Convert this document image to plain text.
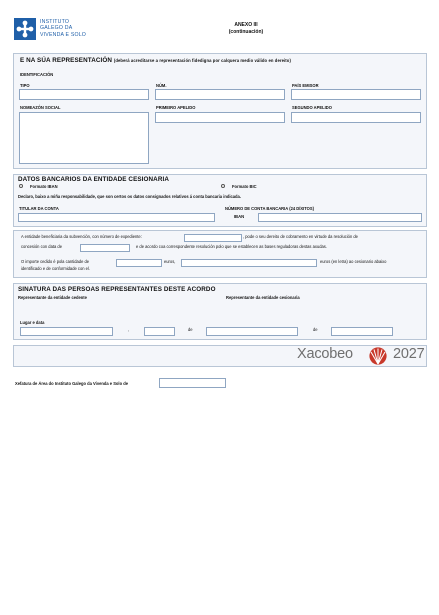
INSTITUTO
GALEGO DA
VIVENDA E SOLO
ANEXO III
(continuación)
E NA SÚA REPRESENTACIÓN (deberá acreditarse a representación fidedigna por calquera medio válido en dereito)
IDENTIFICACIÓN
TIPO	NÚM.	PAÍS EMISOR
NOMEAZÓN SOCIAL	PRIMEIRO APELIDO	SEGUNDO APELIDO
DATOS BANCARIOS DA ENTIDADE CESIONARIA
Formato IBAN	Formato BIC
Declaro, baixo a miña responsabilidade, que son certos os datos consignados relativos á conta bancaria indicada.
TITULAR DA CONTA	NÚMERO DE CONTA BANCARIA (24 DÍXITOS)
IBAN
A entidade beneficiaria da subvención, con número de expediente:	, pode o seu dereito de cobramento en virtude da resolución de
concesión con data de	e de acordo coa correspondente resolución polo que se establecen as bases reguladoras destas axudas.
O importe cedido é pola cantidade de	euros,	euros (en letra) ao cesionario abaixo
identificado e de conformidade con el.
SINATURA DAS PERSOAS REPRESENTANTES DESTE ACORDO
Representante da entidade cedente	Representante da entidade cesionaria
Lugar e data
,	de	de
Xacobeo	2027
Xefatura de Área do Instituto Galego da Vivenda e Solo de
